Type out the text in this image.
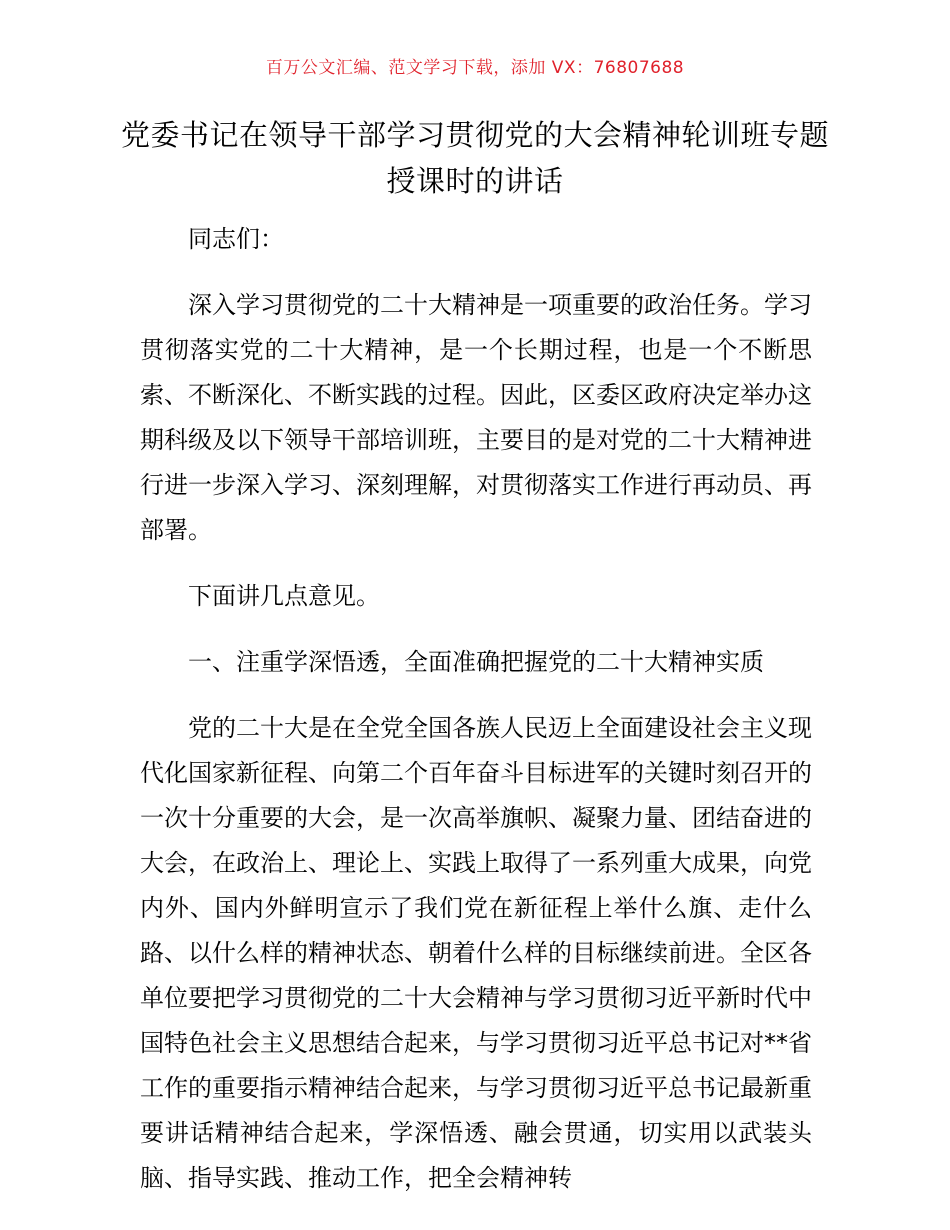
百万公文汇编、范文学习下载，添加 VX：76807688
党委书记在领导干部学习贯彻党的大会精神轮训班专题授课时的讲话

同志们：

深入学习贯彻党的二十大精神是一项重要的政治任务。学习贯彻落实党的二十大精神，是一个长期过程，也是一个不断思索、不断深化、不断实践的过程。因此，区委区政府决定举办这期科级及以下领导干部培训班，主要目的是对党的二十大精神进行进一步深入学习、深刻理解，对贯彻落实工作进行再动员、再部署。

下面讲几点意见。

一、注重学深悟透，全面准确把握党的二十大精神实质

党的二十大是在全党全国各族人民迈上全面建设社会主义现代化国家新征程、向第二个百年奋斗目标进军的关键时刻召开的一次十分重要的大会，是一次高举旗帜、凝聚力量、团结奋进的大会，在政治上、理论上、实践上取得了一系列重大成果，向党内外、国内外鲜明宣示了我们党在新征程上举什么旗、走什么路、以什么样的精神状态、朝着什么样的目标继续前进。全区各单位要把学习贯彻党的二十大会精神与学习贯彻习近平新时代中国特色社会主义思想结合起来，与学习贯彻习近平总书记对**省工作的重要指示精神结合起来，与学习贯彻习近平总书记最新重要讲话精神结合起来，学深悟透、融会贯通，切实用以武装头脑、指导实践、推动工作，把全会精神转
